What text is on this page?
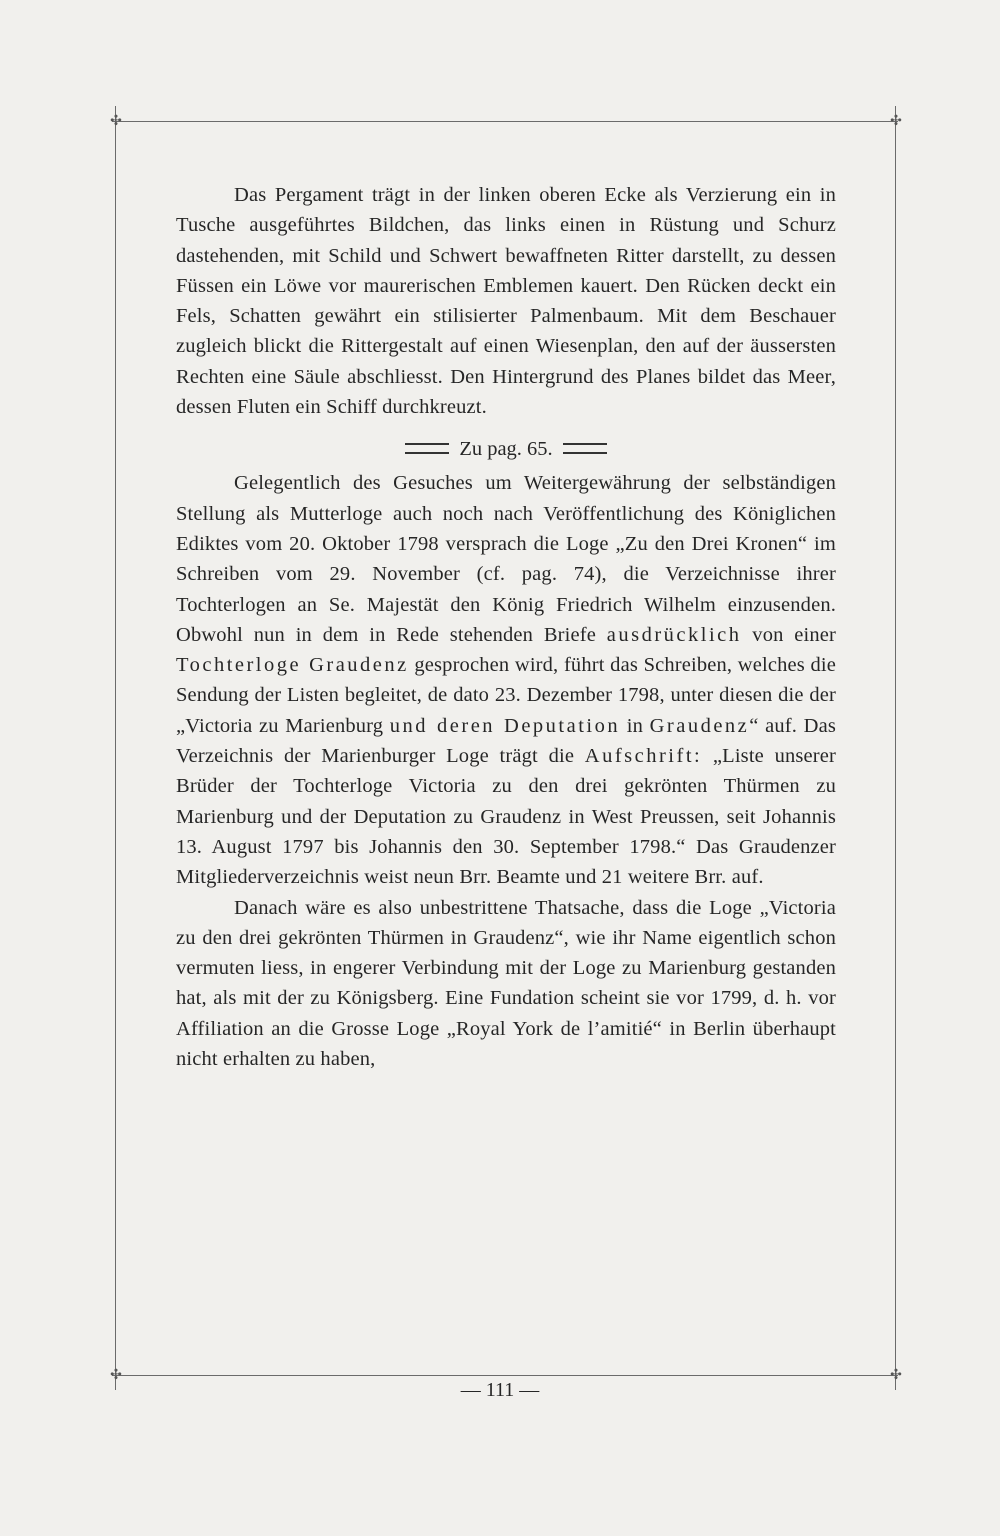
✣	✣
✣	✣

Das Pergament trägt in der linken oberen Ecke als Verzierung ein in Tusche ausgeführtes Bildchen, das links einen in Rüstung und Schurz dastehenden, mit Schild und Schwert bewaffneten Ritter darstellt, zu dessen Füssen ein Löwe vor maurerischen Emblemen kauert. Den Rücken deckt ein Fels, Schatten gewährt ein stilisierter Palmenbaum. Mit dem Beschauer zugleich blickt die Rittergestalt auf einen Wiesenplan, den auf der äussersten Rechten eine Säule abschliesst. Den Hintergrund des Planes bildet das Meer, dessen Fluten ein Schiff durchkreuzt.

Zu pag. 65.

Gelegentlich des Gesuches um Weitergewährung der selbständigen Stellung als Mutterloge auch noch nach Veröffentlichung des Königlichen Ediktes vom 20. Oktober 1798 versprach die Loge „Zu den Drei Kronen“ im Schreiben vom 29. November (cf. pag. 74), die Verzeichnisse ihrer Tochterlogen an Se. Majestät den König Friedrich Wilhelm einzusenden. Obwohl nun in dem in Rede stehenden Briefe ausdrücklich von einer Tochterloge Graudenz gesprochen wird, führt das Schreiben, welches die Sendung der Listen begleitet, de dato 23. Dezember 1798, unter diesen die der „Victoria zu Marienburg und deren Deputation in Graudenz“ auf. Das Verzeichnis der Marienburger Loge trägt die Aufschrift: „Liste unserer Brüder der Tochterloge Victoria zu den drei gekrönten Thürmen zu Marienburg und der Deputation zu Graudenz in West Preussen, seit Johannis 13. August 1797 bis Johannis den 30. September 1798.“ Das Graudenzer Mitgliederverzeichnis weist neun Brr. Beamte und 21 weitere Brr. auf.

Danach wäre es also unbestrittene Thatsache, dass die Loge „Victoria zu den drei gekrönten Thürmen in Graudenz“, wie ihr Name eigentlich schon vermuten liess, in engerer Verbindung mit der Loge zu Marienburg gestanden hat, als mit der zu Königsberg. Eine Fundation scheint sie vor 1799, d. h. vor Affiliation an die Grosse Loge „Royal York de l’amitié“ in Berlin überhaupt nicht erhalten zu haben,

— 111 —
